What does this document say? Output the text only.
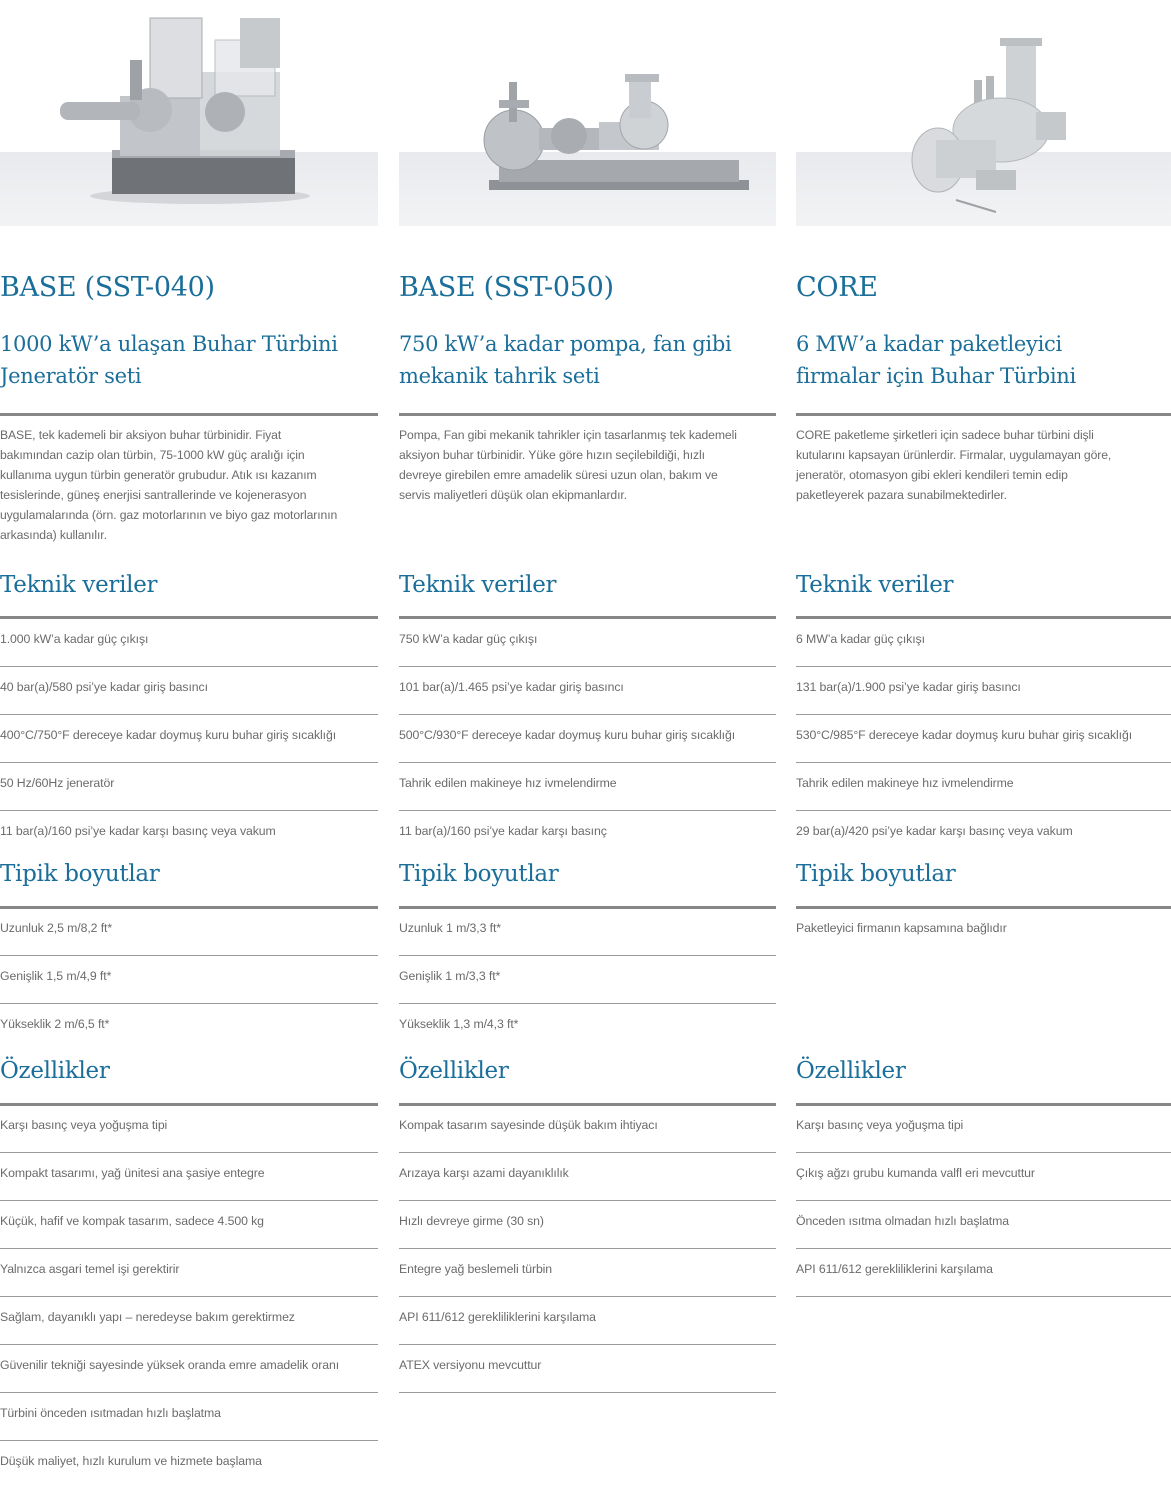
BASE (SST-040)
1000 kW’a ulaşan Buhar Türbini
Jeneratör seti
BASE, tek kademeli bir aksiyon buhar türbinidir. Fiyat
bakımından cazip olan türbin, 75-1000 kW güç aralığı için
kullanıma uygun türbin generatör grubudur. Atık ısı kazanım
tesislerinde, güneş enerjisi santrallerinde ve kojenerasyon
uygulamalarında (örn. gaz motorlarının ve biyo gaz motorlarının
arkasında) kullanılır.
Teknik veriler
1.000 kW’a kadar güç çıkışı
40 bar(a)/580 psi’ye kadar giriş basıncı
400°C/750°F dereceye kadar doymuş kuru buhar giriş sıcaklığı
50 Hz/60Hz jeneratör
11 bar(a)/160 psi’ye kadar karşı basınç veya vakum
Tipik boyutlar
Uzunluk 2,5 m/8,2 ft*
Genişlik 1,5 m/4,9 ft*
Yükseklik 2 m/6,5 ft*
Özellikler
Karşı basınç veya yoğuşma tipi
Kompakt tasarımı, yağ ünitesi ana şasiye entegre
Küçük, hafif ve kompak tasarım, sadece 4.500 kg
Yalnızca asgari temel işi gerektirir
Sağlam, dayanıklı yapı – neredeyse bakım gerektirmez
Güvenilir tekniği sayesinde yüksek oranda emre amadelik oranı
Türbini önceden ısıtmadan hızlı başlatma
Düşük maliyet, hızlı kurulum ve hizmete başlama
BASE (SST-050)
750 kW’a kadar pompa, fan gibi
mekanik tahrik seti
Pompa, Fan gibi mekanik tahrikler için tasarlanmış tek kademeli
aksiyon buhar türbinidir. Yüke göre hızın seçilebildiği, hızlı
devreye girebilen emre amadelik süresi uzun olan, bakım ve
servis maliyetleri düşük olan ekipmanlardır.
Teknik veriler
750 kW’a kadar güç çıkışı
101 bar(a)/1.465 psi’ye kadar giriş basıncı
500°C/930°F dereceye kadar doymuş kuru buhar giriş sıcaklığı
Tahrik edilen makineye hız ivmelendirme
11 bar(a)/160 psi’ye kadar karşı basınç
Tipik boyutlar
Uzunluk 1 m/3,3 ft*
Genişlik 1 m/3,3 ft*
Yükseklik 1,3 m/4,3 ft*
Özellikler
Kompak tasarım sayesinde düşük bakım ihtiyacı
Arızaya karşı azami dayanıklılık
Hızlı devreye girme (30 sn)
Entegre yağ beslemeli türbin
API 611/612 gerekliliklerini karşılama
ATEX versiyonu mevcuttur
CORE
6 MW’a kadar paketleyici
firmalar için Buhar Türbini
CORE paketleme şirketleri için sadece buhar türbini dişli
kutularını kapsayan ürünlerdir. Firmalar, uygulamayan göre,
jeneratör, otomasyon gibi ekleri kendileri temin edip
paketleyerek pazara sunabilmektedirler.
Teknik veriler
6 MW’a kadar güç çıkışı
131 bar(a)/1.900 psi’ye kadar giriş basıncı
530°C/985°F dereceye kadar doymuş kuru buhar giriş sıcaklığı
Tahrik edilen makineye hız ivmelendirme
29 bar(a)/420 psi’ye kadar karşı basınç veya vakum
Tipik boyutlar
Paketleyici firmanın kapsamına bağlıdır
Özellikler
Karşı basınç veya yoğuşma tipi
Çıkış ağzı grubu kumanda valfl eri mevcuttur
Önceden ısıtma olmadan hızlı başlatma
API 611/612 gerekliliklerini karşılama
